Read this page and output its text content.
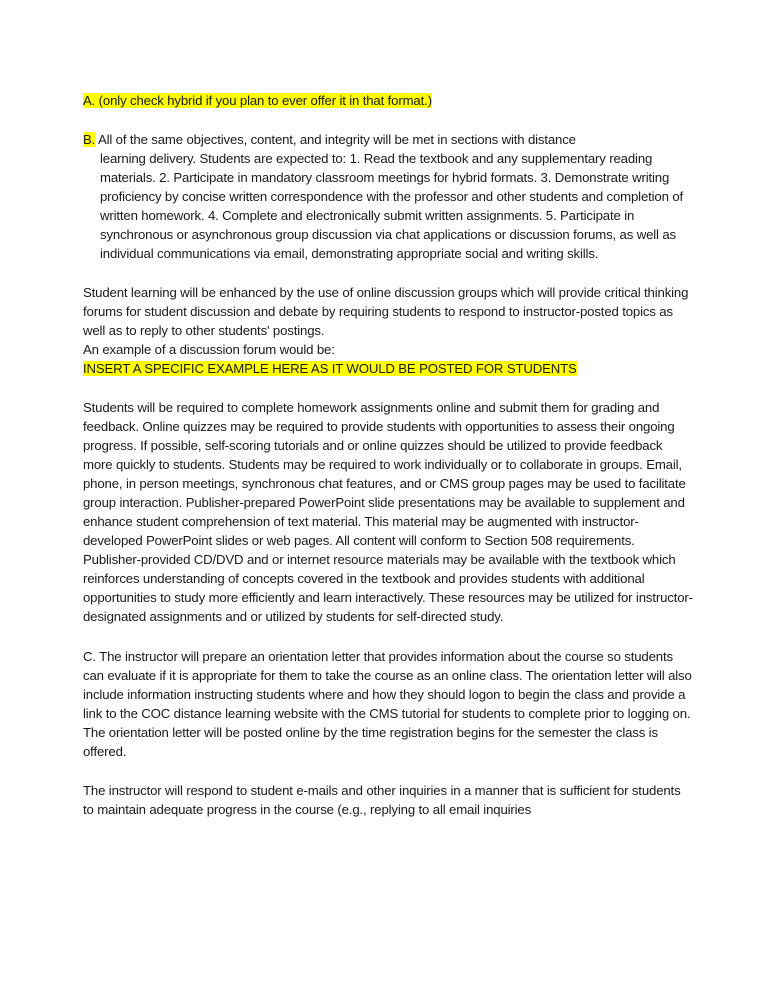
A. (only check hybrid if you plan to ever offer it in that format.)

B. All of the same objectives, content, and integrity will be met in sections with distance

learning delivery. Students are expected to: 1. Read the textbook and any supplementary reading materials. 2. Participate in mandatory classroom meetings for hybrid formats. 3. Demonstrate writing proficiency by concise written correspondence with the professor and other students and completion of written homework. 4. Complete and electronically submit written assignments. 5. Participate in synchronous or asynchronous group discussion via chat applications or discussion forums, as well as individual communications via email, demonstrating appropriate social and writing skills.

Student learning will be enhanced by the use of online discussion groups which will provide critical thinking forums for student discussion and debate by requiring students to respond to instructor-posted topics as well as to reply to other students' postings.

An example of a discussion forum would be:

INSERT A SPECIFIC EXAMPLE HERE AS IT WOULD BE POSTED FOR STUDENTS

Students will be required to complete homework assignments online and submit them for grading and feedback. Online quizzes may be required to provide students with opportunities to assess their ongoing progress. If possible, self-scoring tutorials and or online quizzes should be utilized to provide feedback more quickly to students. Students may be required to work individually or to collaborate in groups. Email, phone, in person meetings, synchronous chat features, and or CMS group pages may be used to facilitate group interaction. Publisher-prepared PowerPoint slide presentations may be available to supplement and enhance student comprehension of text material. This material may be augmented with instructor-developed PowerPoint slides or web pages. All content will conform to Section 508 requirements. Publisher-provided CD/DVD and or internet resource materials may be available with the textbook which reinforces understanding of concepts covered in the textbook and provides students with additional opportunities to study more efficiently and learn interactively. These resources may be utilized for instructor-designated assignments and or utilized by students for self-directed study.

C. The instructor will prepare an orientation letter that provides information about the course so students can evaluate if it is appropriate for them to take the course as an online class. The orientation letter will also include information instructing students where and how they should logon to begin the class and provide a link to the COC distance learning website with the CMS tutorial for students to complete prior to logging on. The orientation letter will be posted online by the time registration begins for the semester the class is offered.

The instructor will respond to student e-mails and other inquiries in a manner that is sufficient for students to maintain adequate progress in the course (e.g., replying to all email inquiries
